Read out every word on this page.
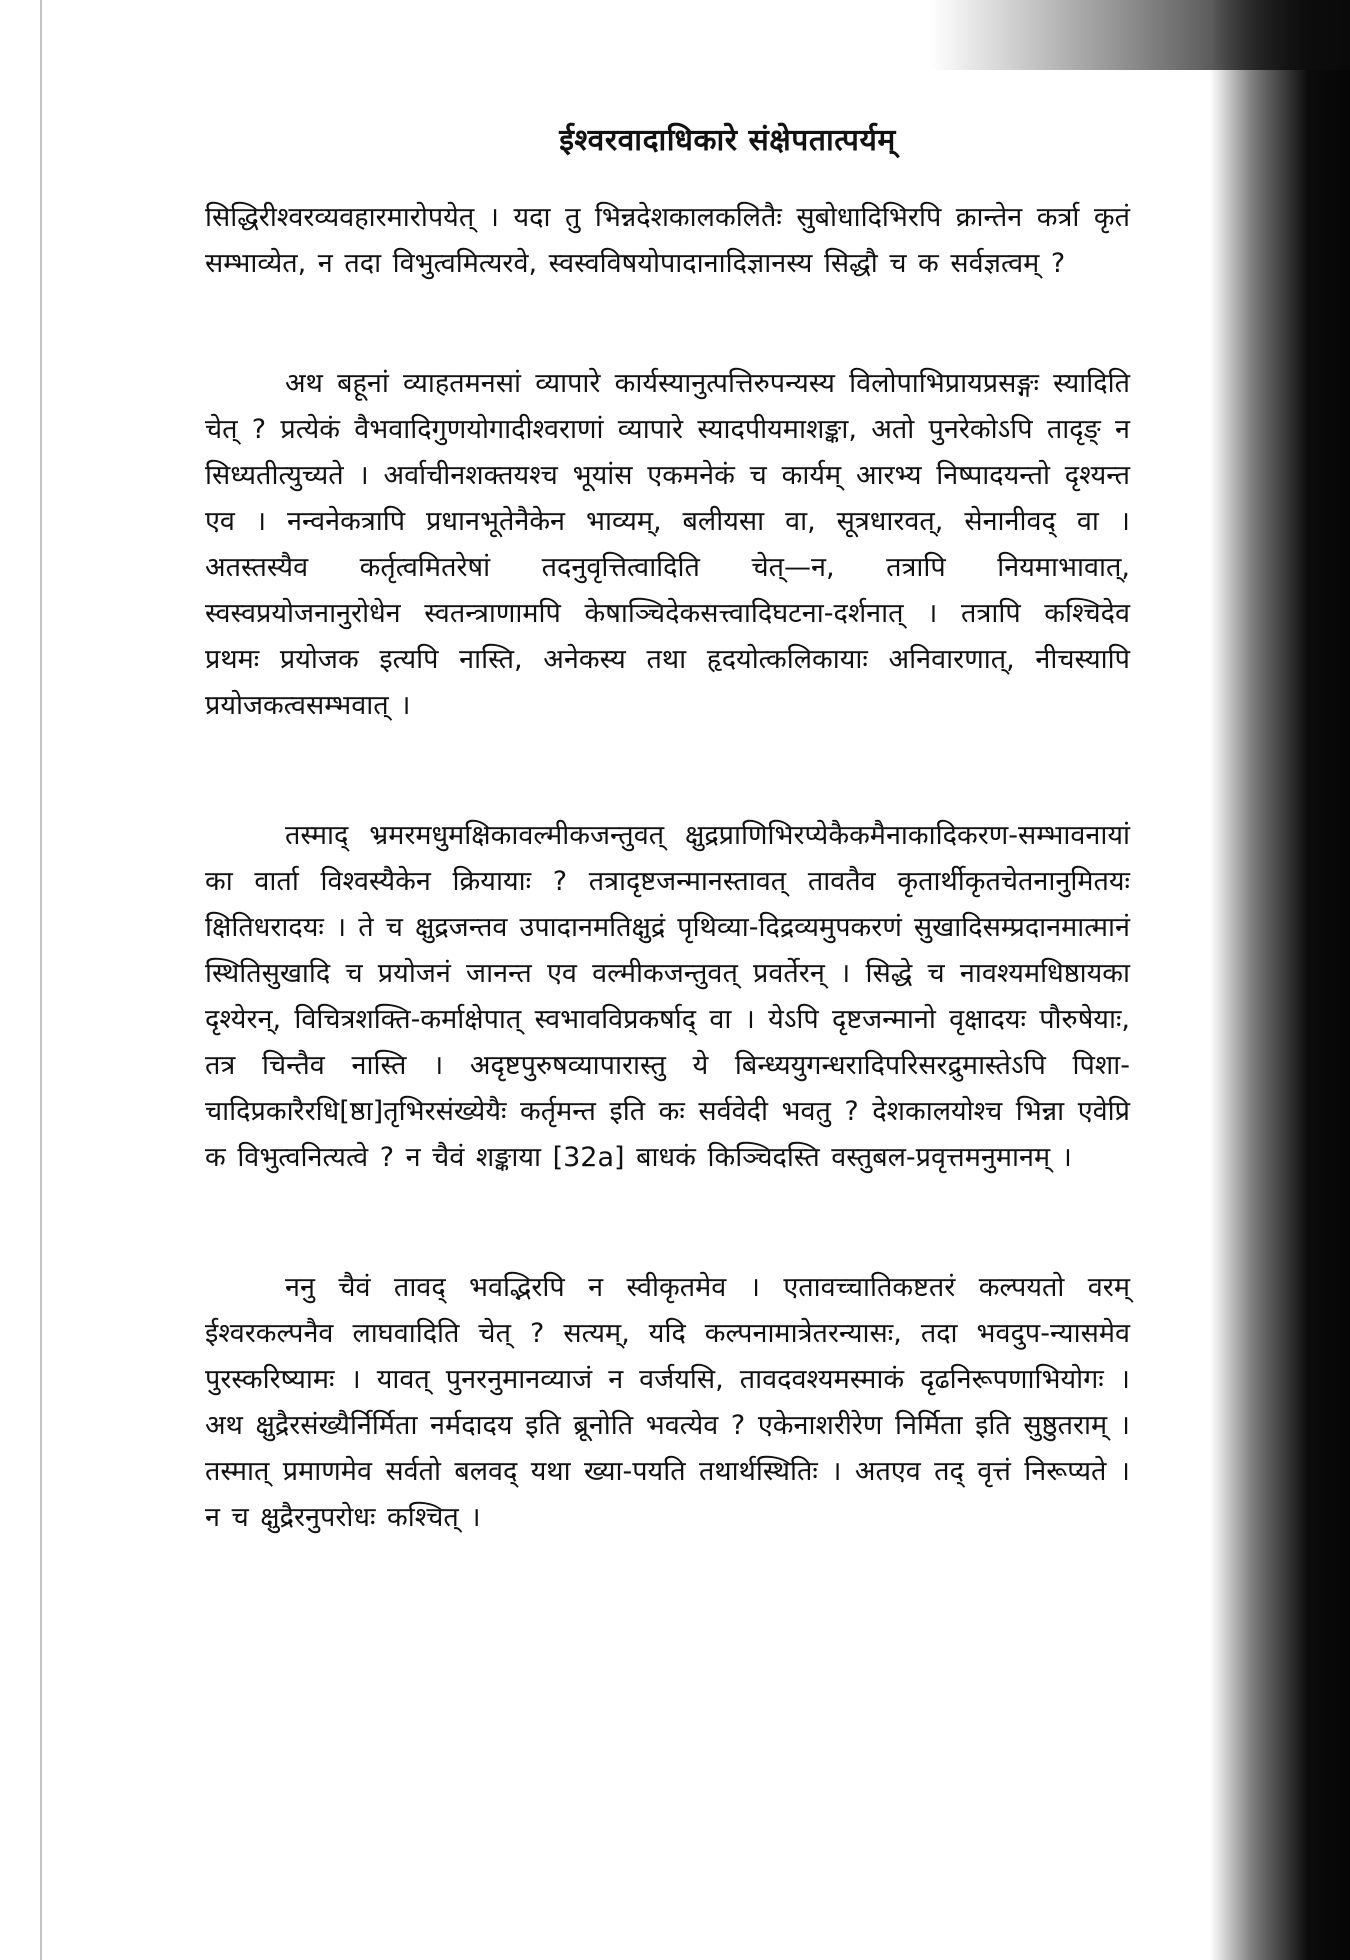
ईश्वरवादाधिकारे संक्षेपतात्पर्यम्

सिद्धिरीश्वरव्यवहारमारोपयेत् । यदा तु भिन्नदेशकालकलितैः सुबोधादिभिरपि क्रान्तेन कर्त्रा कृतं सम्भाव्येत, न तदा विभुत्वमित्यरवे, स्वस्वविषयोपादानादिज्ञानस्य सिद्धौ च क सर्वज्ञत्वम् ?

अथ बहूनां व्याहतमनसां व्यापारे कार्यस्यानुत्पत्तिरुपन्यस्य विलोपाभिप्रायप्रसङ्गः स्यादिति चेत् ? प्रत्येकं वैभवादिगुणयोगादीश्वराणां व्यापारे स्यादपीयमाशङ्का, अतो पुनरेकोऽपि तादृङ् न सिध्यतीत्युच्यते । अर्वाचीनशक्तयश्च भूयांस एकमनेकं च कार्यम् आरभ्य निष्पादयन्तो दृश्यन्त एव । नन्वनेकत्रापि प्रधानभूतेनैकेन भाव्यम्, बलीयसा वा, सूत्रधारवत्, सेनानीवद् वा । अतस्तस्यैव कर्तृत्वमितरेषां तदनुवृत्तित्वादिति चेत्—न, तत्रापि नियमाभावात्, स्वस्वप्रयोजनानुरोधेन स्वतन्त्राणामपि केषाञ्चिदेकसत्त्वादिघटना-दर्शनात् । तत्रापि कश्चिदेव प्रथमः प्रयोजक इत्यपि नास्ति, अनेकस्य तथा हृदयोत्कलिकायाः अनिवारणात्, नीचस्यापि प्रयोजकत्वसम्भवात् ।

तस्माद् भ्रमरमधुमक्षिकावल्मीकजन्तुवत् क्षुद्रप्राणिभिरप्येकैकमैनाकादिकरण-सम्भावनायां का वार्ता विश्वस्यैकेन क्रियायाः ? तत्रादृष्टजन्मानस्तावत् तावतैव कृतार्थीकृतचेतनानुमितयः क्षितिधरादयः । ते च क्षुद्रजन्तव उपादानमतिक्षुद्रं पृथिव्या-दिद्रव्यमुपकरणं सुखादिसम्प्रदानमात्मानं स्थितिसुखादि च प्रयोजनं जानन्त एव वल्मीकजन्तुवत् प्रवर्तेरन् । सिद्धे च नावश्यमधिष्ठायका दृश्येरन्, विचित्रशक्ति-कर्माक्षेपात् स्वभावविप्रकर्षाद् वा । येऽपि दृष्टजन्मानो वृक्षादयः पौरुषेयाः, तत्र चिन्तैव नास्ति । अदृष्टपुरुषव्यापारास्तु ये बिन्ध्ययुगन्धरादिपरिसरद्रुमास्तेऽपि पिशा-चादिप्रकारैरधि[ष्ठा]तृभिरसंख्येयैः कर्तृमन्त इति कः सर्ववेदी भवतु ? देशकालयोश्च भिन्ना एवेप्रि क विभुत्वनित्यत्वे ? न चैवं शङ्काया [32a] बाधकं किञ्चिदस्ति वस्तुबल-प्रवृत्तमनुमानम् ।

ननु चैवं तावद् भवद्भिरपि न स्वीकृतमेव । एतावच्चातिकष्टतरं कल्पयतो वरम् ईश्वरकल्पनैव लाघवादिति चेत् ? सत्यम्, यदि कल्पनामात्रेतरन्यासः, तदा भवदुप-न्यासमेव पुरस्करिष्यामः । यावत् पुनरनुमानव्याजं न वर्जयसि, तावदवश्यमस्माकं दृढनिरूपणाभियोगः । अथ क्षुद्रैरसंख्यैर्निर्मिता नर्मदादय इति ब्रूनोति भवत्येव ? एकेनाशरीरेण निर्मिता इति सुष्ठुतराम् । तस्मात् प्रमाणमेव सर्वतो बलवद् यथा ख्या-पयति तथार्थस्थितिः । अतएव तद् वृत्तं निरूप्यते । न च क्षुद्रैरनुपरोधः कश्चित् ।
